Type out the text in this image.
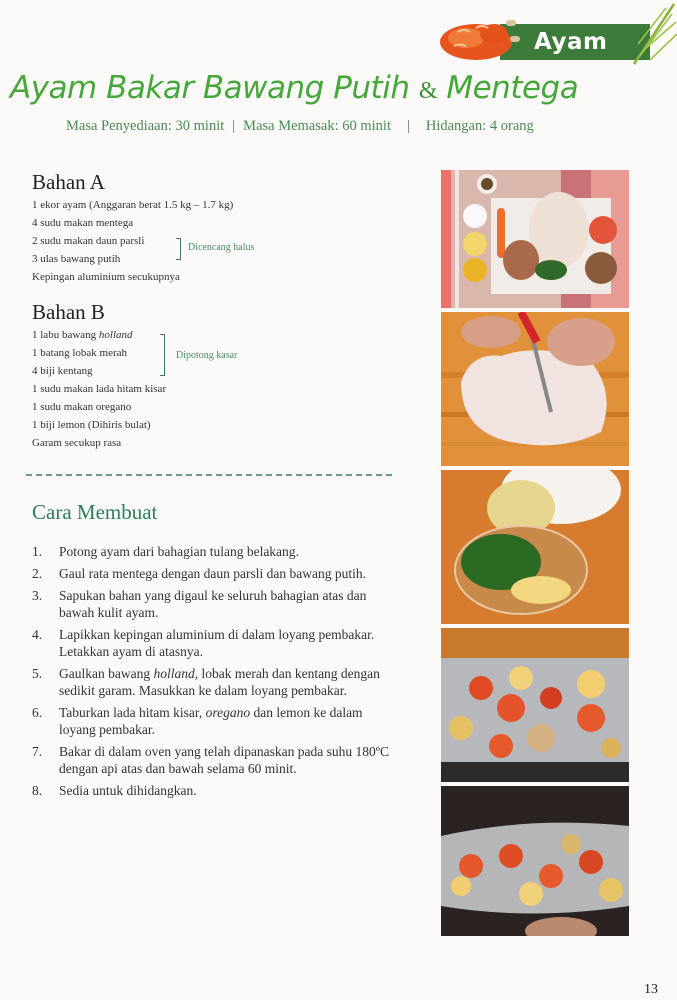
Ayam
Ayam Bakar Bawang Putih & Mentega
Masa Penyediaan: 30 minit | Masa Memasak: 60 minit | Hidangan: 4 orang
Bahan A
1 ekor ayam (Anggaran berat 1.5 kg – 1.7 kg)
4 sudu makan mentega
2 sudu makan daun parsli
3 ulas bawang putih
Kepingan aluminium secukupnya
Dicencang halus
Bahan B
1 labu bawang holland
1 batang lobak merah
4 biji kentang
1 sudu makan lada hitam kisar
1 sudu makan oregano
1 biji lemon (Dihiris bulat)
Garam secukup rasa
Dipotong kasar
Cara Membuat
1.	Potong ayam dari bahagian tulang belakang.
2.	Gaul rata mentega dengan daun parsli dan bawang putih.
3.	Sapukan bahan yang digaul ke seluruh bahagian atas dan bawah kulit ayam.
4.	Lapikkan kepingan aluminium di dalam loyang pembakar. Letakkan ayam di atasnya.
5.	Gaulkan bawang holland, lobak merah dan kentang dengan sedikit garam. Masukkan ke dalam loyang pembakar.
6.	Taburkan lada hitam kisar, oregano dan lemon ke dalam loyang pembakar.
7.	Bakar di dalam oven yang telah dipanaskan pada suhu 180ºC dengan api atas dan bawah selama 60 minit.
8.	Sedia untuk dihidangkan.
13
